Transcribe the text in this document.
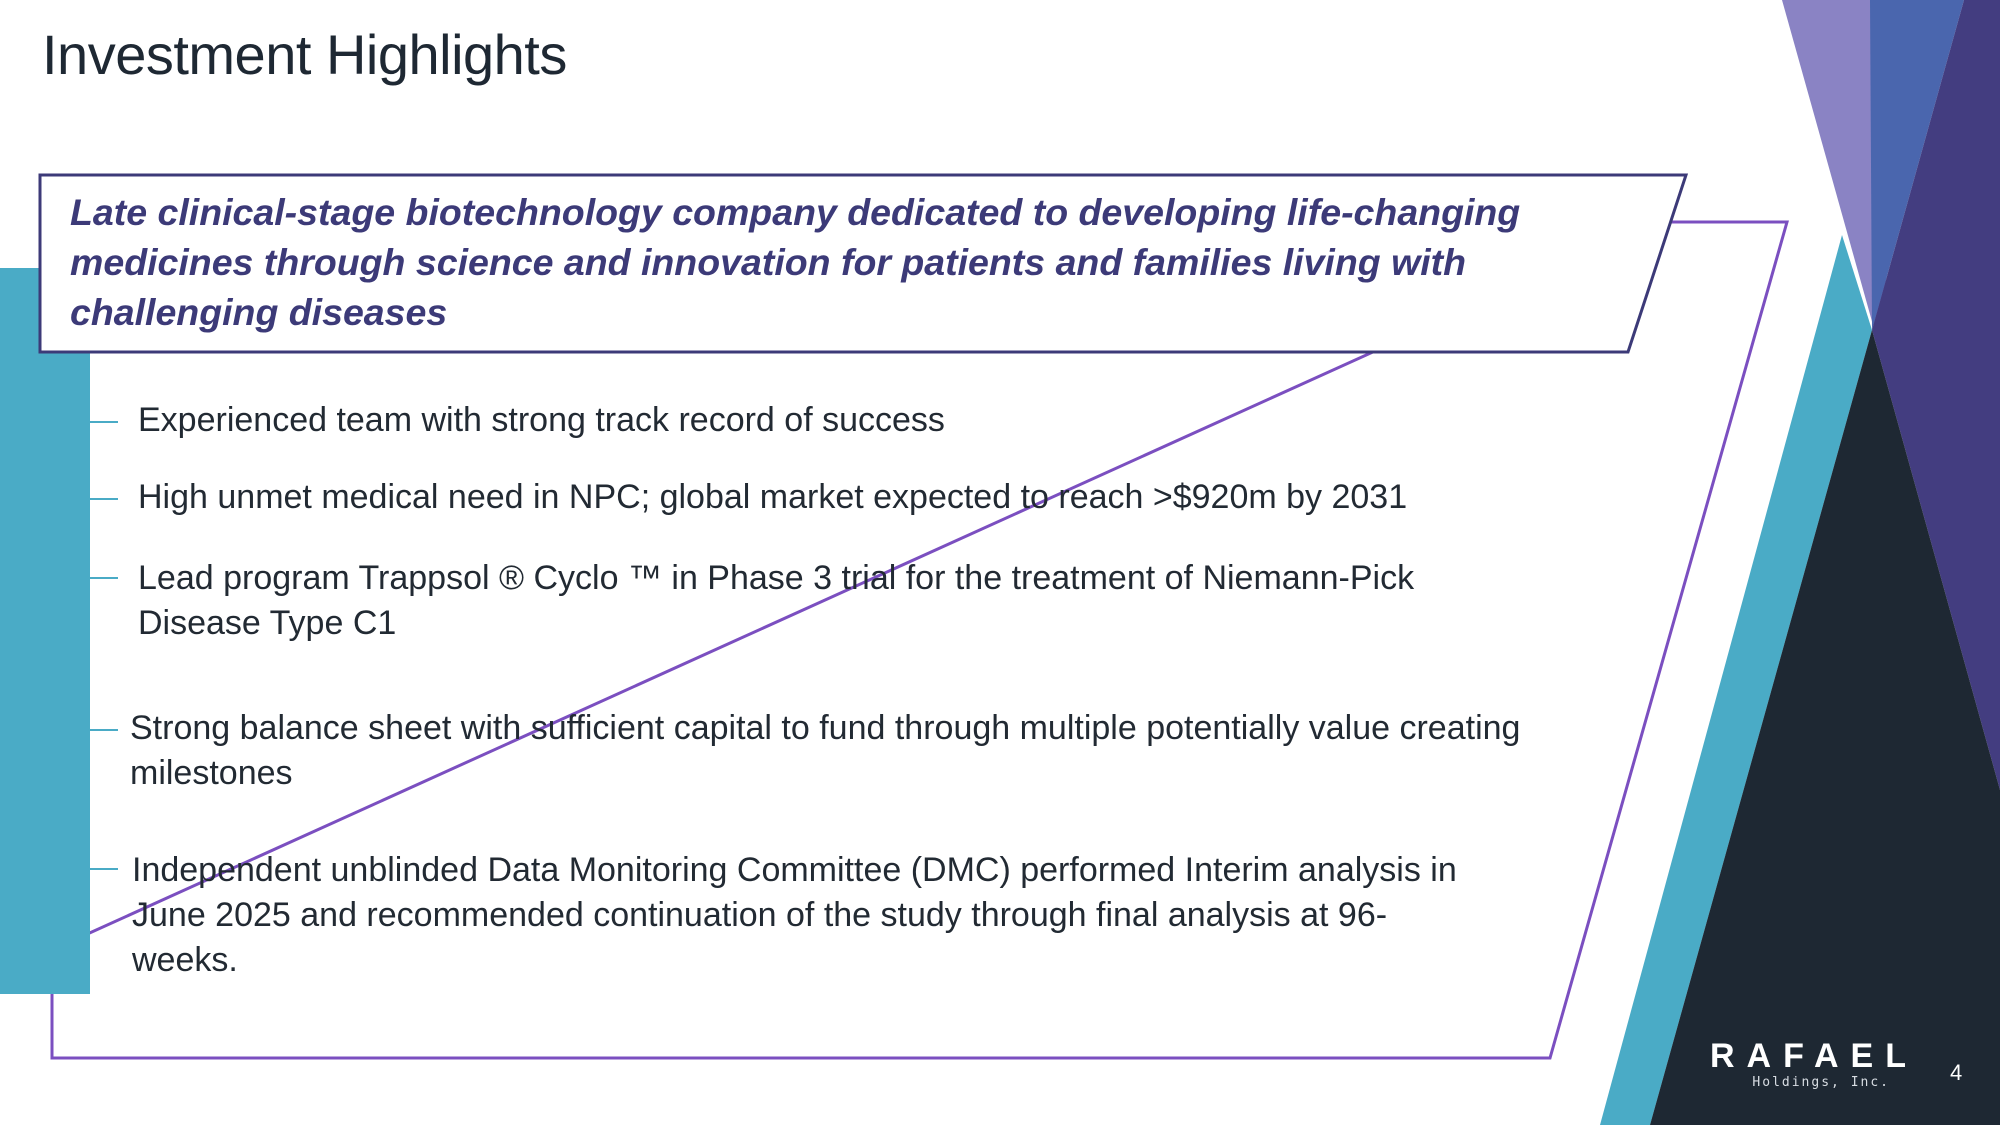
Investment Highlights
Late clinical-stage biotechnology company dedicated to developing life-changing medicines through science and innovation for patients and families living with challenging diseases
Experienced team with strong track record of success
High unmet medical need in NPC; global market expected to reach >$920m by 2031
Lead program Trappsol ® Cyclo ™ in Phase 3 trial for the treatment of Niemann-Pick Disease Type C1
Strong balance sheet with sufficient capital to fund through multiple potentially value creating milestones
Independent unblinded Data Monitoring Committee (DMC) performed Interim analysis in June 2025 and recommended continuation of the study through final analysis at 96-weeks.
RAFAEL
Holdings, Inc.	4
